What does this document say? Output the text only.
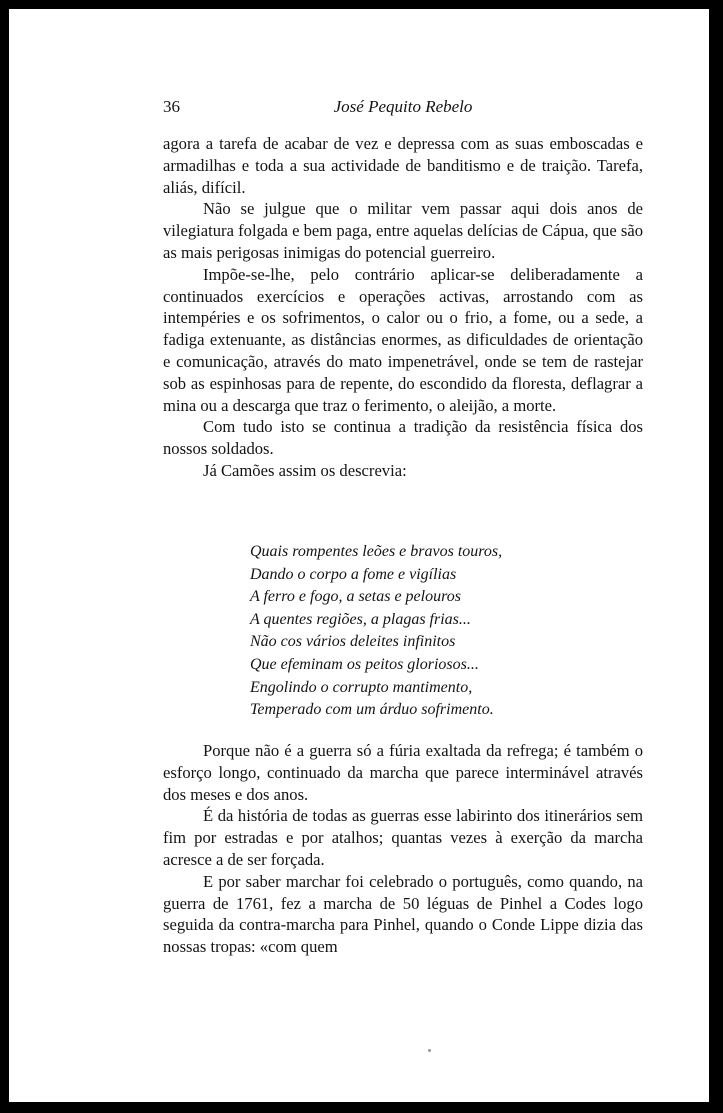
36	José Pequito Rebelo

agora a tarefa de acabar de vez e depressa com as suas emboscadas e armadilhas e toda a sua actividade de banditismo e de traição. Tarefa, aliás, difícil.

Não se julgue que o militar vem passar aqui dois anos de vilegiatura folgada e bem paga, entre aquelas delícias de Cápua, que são as mais perigosas inimigas do potencial guerreiro.

Impõe-se-lhe, pelo contrário aplicar-se deliberadamente a continuados exercícios e operações activas, arrostando com as intempéries e os sofrimentos, o calor ou o frio, a fome, ou a sede, a fadiga extenuante, as distâncias enormes, as dificuldades de orientação e comunicação, através do mato impenetrável, onde se tem de rastejar sob as espinhosas para de repente, do escondido da floresta, deflagrar a mina ou a descarga que traz o ferimento, o aleijão, a morte.

Com tudo isto se continua a tradição da resistência física dos nossos soldados.

Já Camões assim os descrevia:

Quais rompentes leões e bravos touros,
Dando o corpo a fome e vigílias
A ferro e fogo, a setas e pelouros
A quentes regiões, a plagas frias...
Não cos vários deleites infinitos
Que efeminam os peitos gloriosos...
Engolindo o corrupto mantimento,
Temperado com um árduo sofrimento.

Porque não é a guerra só a fúria exaltada da refrega; é também o esforço longo, continuado da marcha que parece interminável através dos meses e dos anos.

É da história de todas as guerras esse labirinto dos itinerários sem fim por estradas e por atalhos; quantas vezes à exerção da marcha acresce a de ser forçada.

E por saber marchar foi celebrado o português, como quando, na guerra de 1761, fez a marcha de 50 léguas de Pinhel a Codes logo seguida da contra-marcha para Pinhel, quando o Conde Lippe dizia das nossas tropas: «com quem
